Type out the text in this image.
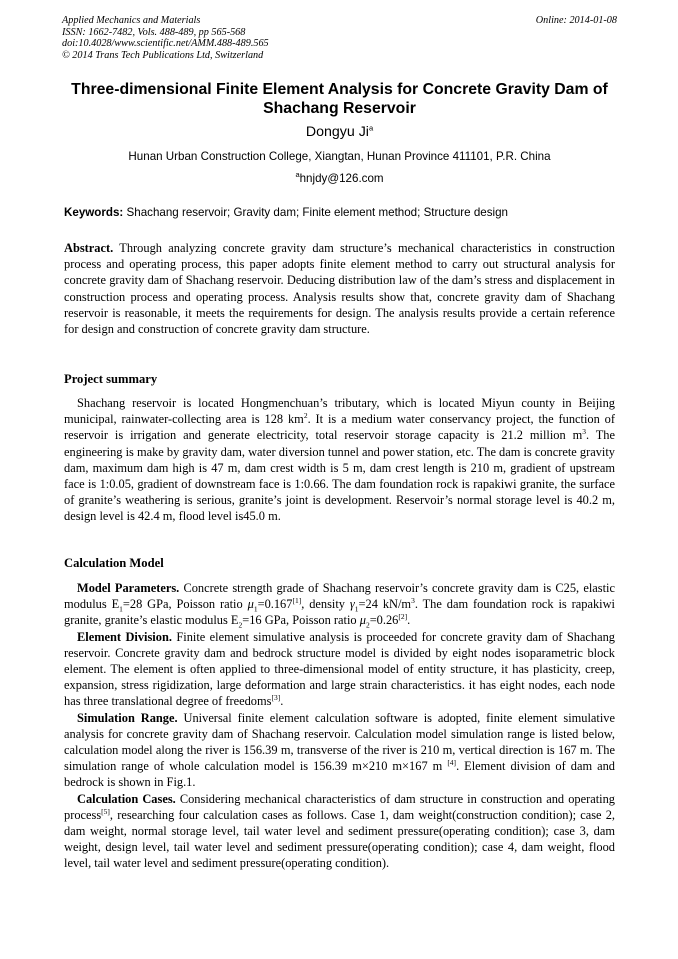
Applied Mechanics and Materials
ISSN: 1662-7482, Vols. 488-489, pp 565-568
doi:10.4028/www.scientific.net/AMM.488-489.565
© 2014 Trans Tech Publications Ltd, Switzerland
Online: 2014-01-08
Three-dimensional Finite Element Analysis for Concrete Gravity Dam of Shachang Reservoir
Dongyu Ji$^a$
Hunan Urban Construction College, Xiangtan, Hunan Province 411101, P.R. China
$^a$hnjdy@126.com
Keywords: Shachang reservoir; Gravity dam; Finite element method; Structure design
Abstract. Through analyzing concrete gravity dam structure’s mechanical characteristics in construction process and operating process, this paper adopts finite element method to carry out structural analysis for concrete gravity dam of Shachang reservoir. Deducing distribution law of the dam’s stress and displacement in construction process and operating process. Analysis results show that, concrete gravity dam of Shachang reservoir is reasonable, it meets the requirements for design. The analysis results provide a certain reference for design and construction of concrete gravity dam structure.
Project summary
Shachang reservoir is located Hongmenchuan’s tributary, which is located Miyun county in Beijing municipal, rainwater-collecting area is 128 $km^2$. It is a medium water conservancy project, the function of reservoir is irrigation and generate electricity, total reservoir storage capacity is 21.2 million $m^3$. The engineering is make by gravity dam, water diversion tunnel and power station, etc. The dam is concrete gravity dam, maximum dam high is 47 m, dam crest width is 5 m, dam crest length is 210 m, gradient of upstream face is 1:0.05, gradient of downstream face is 1:0.66. The dam foundation rock is rapakiwi granite, the surface of granite’s weathering is serious, granite’s joint is development. Reservoir’s normal storage level is 40.2 m, design level is 42.4 m, flood level is45.0 m.
Calculation Model
Model Parameters. Concrete strength grade of Shachang reservoir’s concrete gravity dam is C25, elastic modulus $E_1=28$ GPa, Poisson ratio $\mu_1=0.167[1]$, density $\gamma_1=24$ $kN/m^3$. The dam foundation rock is rapakiwi granite, granite’s elastic modulus $E_2=16$ GPa, Poisson ratio $\mu_2=0.26[2]$.
Element Division. Finite element simulative analysis is proceeded for concrete gravity dam of Shachang reservoir. Concrete gravity dam and bedrock structure model is divided by eight nodes isoparametric block element. The element is often applied to three-dimensional model of entity structure, it has plasticity, creep, expansion, stress rigidization, large deformation and large strain characteristics. it has eight nodes, each node has three translational degree of freedoms[3].
Simulation Range. Universal finite element calculation software is adopted, finite element simulative analysis for concrete gravity dam of Shachang reservoir. Calculation model simulation range is listed below, calculation model along the river is 156.39 m, transverse of the river is 210 m, vertical direction is 167 m. The simulation range of whole calculation model is 156.39 m×210 m×167 m [4]. Element division of dam and bedrock is shown in Fig.1.
Calculation Cases. Considering mechanical characteristics of dam structure in construction and operating process[5], researching four calculation cases as follows. Case 1, dam weight(construction condition); case 2, dam weight, normal storage level, tail water level and sediment pressure(operating condition); case 3, dam weight, design level, tail water level and sediment pressure(operating condition); case 4, dam weight, flood level, tail water level and sediment pressure(operating condition).
